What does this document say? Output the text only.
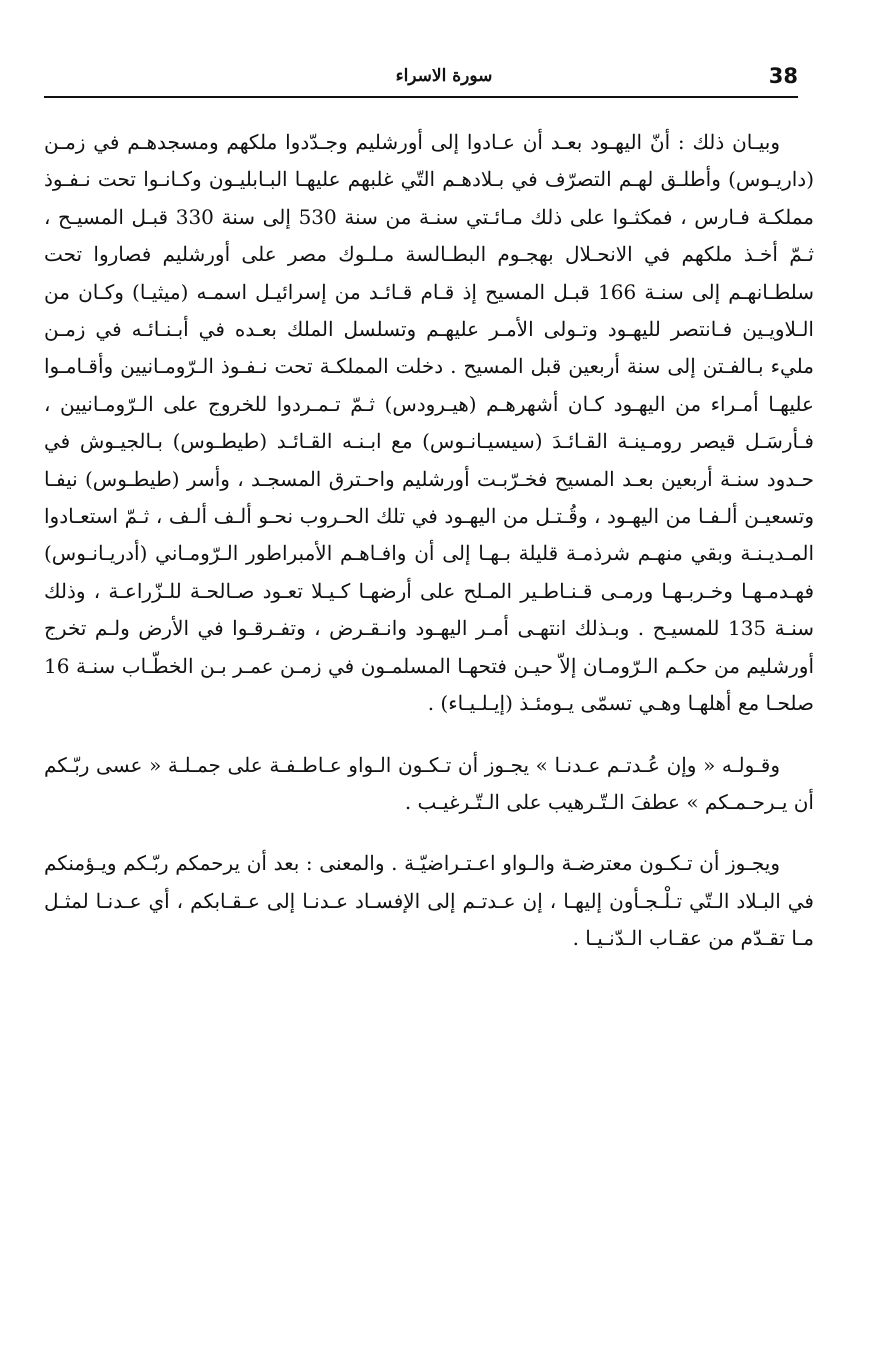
38
سورة الاسراء

وبيـان ذلك : أنّ اليهـود بعـد أن عـادوا إلى أورشليم وجـدّدوا ملكهم ومسجدهـم في زمـن (داريـوس) وأطلـق لهـم التصرّف في بـلادهـم التّي غلبهم عليهـا البـابليـون وكـانـوا تحت نـفـوذ مملكـة فـارس ، فمكثـوا على ذلك مـائـتي سنـة من سنة 530 إلى سنة 330 قبـل المسيـح ، ثـمّ أخـذ ملكهم في الانحـلال بهجـوم البطـالسة مـلـوك مصر على أورشليم فصاروا تحت سلطـانهـم إلى سنـة 166 قبـل المسيح إذ قـام قـائـد من إسرائيـل اسمـه (ميثيـا) وكـان من الـلاويـين فـانتصر لليهـود وتـولى الأمـر عليهـم وتسلسل الملك بعـده في أبـنـائـه في زمـن مليء بـالفـتن إلى سنة أربعين قبل المسيح . دخلت المملكـة تحت نـفـوذ الـرّومـانيين وأقـامـوا عليهـا أمـراء من اليهـود كـان أشهرهـم (هيـرودس) ثـمّ تـمـردوا للخروج على الـرّومـانيين ، فـأرسَـل قيصر رومـينـة القـائـدَ (سيسيـانـوس) مع ابـنـه القـائـد (طيطـوس) بـالجيـوش في حـدود سنـة أربعين بعـد المسيح فخـرّبـت أورشليم واحـترق المسجـد ، وأسر (طيطـوس) نيفـا وتسعيـن ألـفـا من اليهـود ، وقُـتـل من اليهـود في تلك الحـروب نحـو ألـف ألـف ، ثـمّ استعـادوا المـديـنـة وبقي منهـم شرذمـة قليلة بـهـا إلى أن وافـاهـم الأمبراطور الـرّومـاني (أدريـانـوس) فهـدمـهـا وخـربـهـا ورمـى قـنـاطـير المـلح على أرضهـا كـيـلا تعـود صـالحـة للـزّراعـة ، وذلك سنـة 135 للمسيـح . وبـذلك انتهـى أمـر اليهـود وانـقـرض ، وتفـرقـوا في الأرض ولـم تخرج أورشليم من حكـم الـرّومـان إلاّ حيـن فتحهـا المسلمـون في زمـن عمـر بـن الخطّـاب سنـة 16 صلحـا مع أهلهـا وهـي تسمّى يـومئـذ (إيـلـيـاء) .

وقـولـه « وإن عُـدتـم عـدنـا » يجـوز أن تـكـون الـواو عـاطـفـة على جمـلـة « عسى ربّـكم أن يـرحـمـكم » عطفَ الـتّـرهيب على الـتّـرغيـب .

ويجـوز أن تـكـون معترضـة والـواو اعـتـراضيّـة . والمعنى : بعد أن يرحمكم ربّـكم ويـؤمنكم في البـلاد الـتّي تـلْـجـأون إليهـا ، إن عـدتـم إلى الإفسـاد عـدنـا إلى عـقـابكم ، أي عـدنـا لمثـل مـا تقـدّم من عقـاب الـدّنـيـا .
